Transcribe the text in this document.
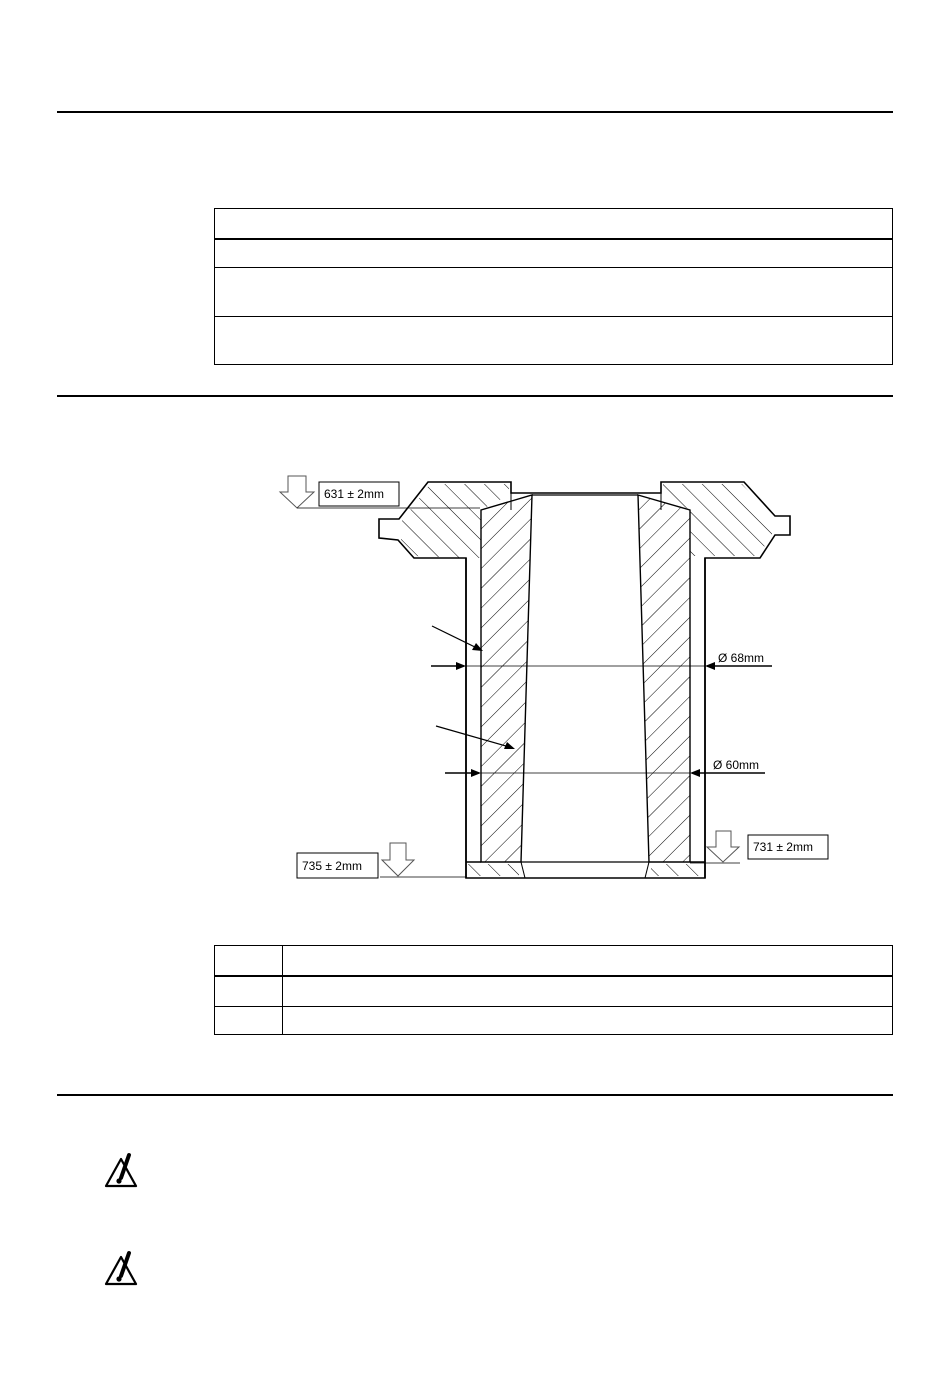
631 ± 2mm
Ø 68mm
Ø 60mm
735 ± 2mm
731 ± 2mm
